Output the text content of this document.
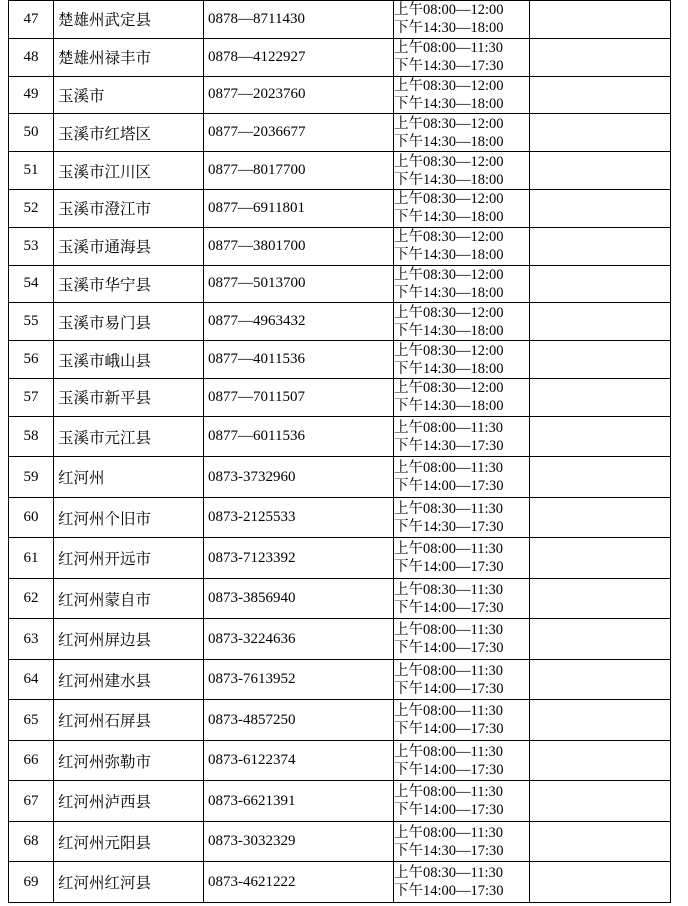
47	楚雄州武定县	0878—8711430	上午08:00—12:00
下午14:30—18:00	

48	楚雄州禄丰市	0878—4122927	上午08:00—11:30
下午14:30—17:30	

49	玉溪市	0877—2023760	上午08:30—12:00
下午14:30—18:00	

50	玉溪市红塔区	0877—2036677	上午08:30—12:00
下午14:30—18:00	

51	玉溪市江川区	0877—8017700	上午08:30—12:00
下午14:30—18:00	

52	玉溪市澄江市	0877—6911801	上午08:30—12:00
下午14:30—18:00	

53	玉溪市通海县	0877—3801700	上午08:30—12:00
下午14:30—18:00	

54	玉溪市华宁县	0877—5013700	上午08:30—12:00
下午14:30—18:00	

55	玉溪市易门县	0877—4963432	上午08:30—12:00
下午14:30—18:00	

56	玉溪市峨山县	0877—4011536	上午08:30—12:00
下午14:30—18:00	

57	玉溪市新平县	0877—7011507	上午08:30—12:00
下午14:30—18:00	

58	玉溪市元江县	0877—6011536	上午08:00—11:30
下午14:30—17:30	

59	红河州	0873-3732960	上午08:00—11:30
下午14:00—17:30	

60	红河州个旧市	0873-2125533	上午08:30—11:30
下午14:30—17:30	

61	红河州开远市	0873-7123392	上午08:00—11:30
下午14:00—17:30	

62	红河州蒙自市	0873-3856940	上午08:30—11:30
下午14:00—17:30	

63	红河州屏边县	0873-3224636	上午08:00—11:30
下午14:00—17:30	

64	红河州建水县	0873-7613952	上午08:00—11:30
下午14:00—17:30	

65	红河州石屏县	0873-4857250	上午08:00—11:30
下午14:00—17:30	

66	红河州弥勒市	0873-6122374	上午08:00—11:30
下午14:00—17:30	

67	红河州泸西县	0873-6621391	上午08:00—11:30
下午14:00—17:30	

68	红河州元阳县	0873-3032329	上午08:00—11:30
下午14:30—17:30	

69	红河州红河县	0873-4621222	上午08:30—11:30
下午14:00—17:30	
